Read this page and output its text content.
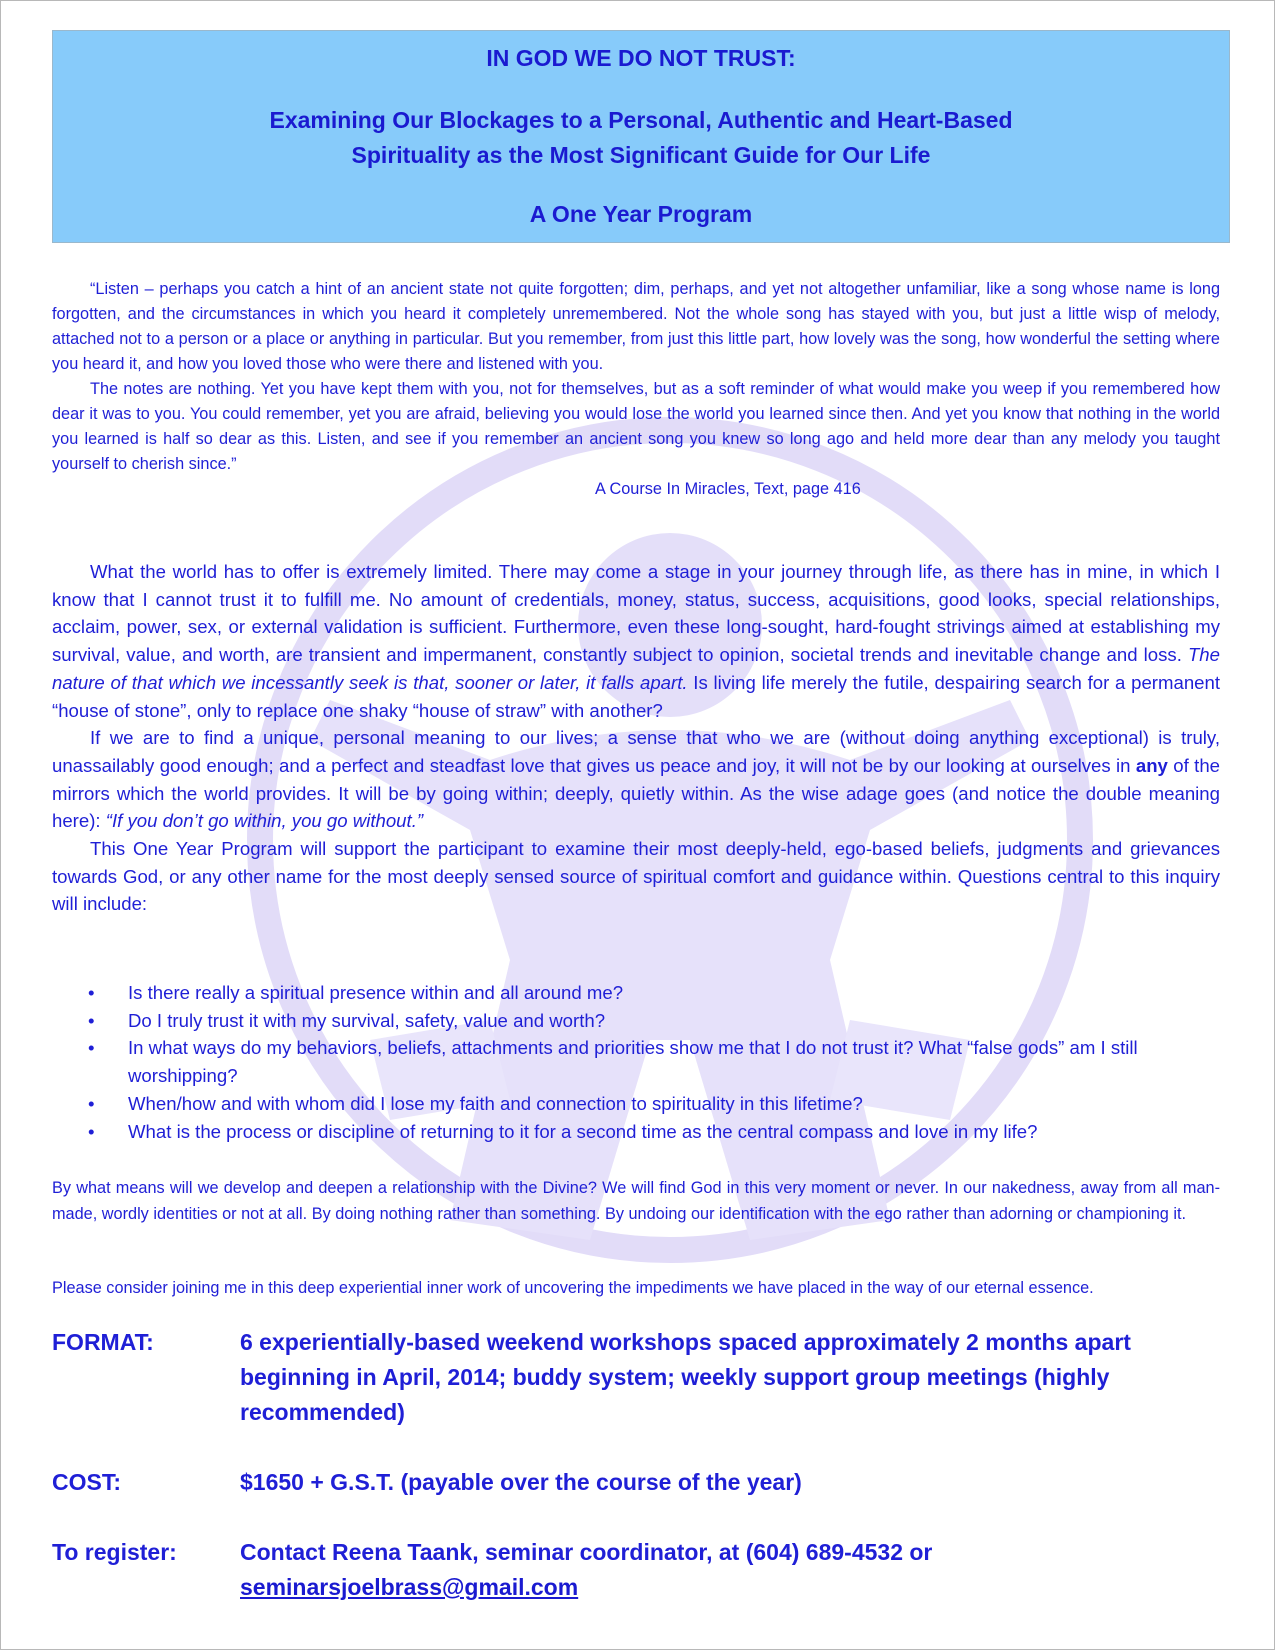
IN GOD WE DO NOT TRUST:
Examining Our Blockages to a Personal, Authentic and Heart-Based
Spirituality as the Most Significant Guide for Our Life
A One Year Program

“Listen – perhaps you catch a hint of an ancient state not quite forgotten; dim, perhaps, and yet not altogether unfamiliar, like a song whose name is long forgotten, and the circumstances in which you heard it completely unremembered. Not the whole song has stayed with you, but just a little wisp of melody, attached not to a person or a place or anything in particular. But you remember, from just this little part, how lovely was the song, how wonderful the setting where you heard it, and how you loved those who were there and listened with you.

The notes are nothing. Yet you have kept them with you, not for themselves, but as a soft reminder of what would make you weep if you remembered how dear it was to you. You could remember, yet you are afraid, believing you would lose the world you learned since then. And yet you know that nothing in the world you learned is half so dear as this. Listen, and see if you remember an ancient song you knew so long ago and held more dear than any melody you taught yourself to cherish since.”

A Course In Miracles, Text, page 416

What the world has to offer is extremely limited. There may come a stage in your journey through life, as there has in mine, in which I know that I cannot trust it to fulfill me. No amount of credentials, money, status, success, acquisitions, good looks, special relationships, acclaim, power, sex, or external validation is sufficient. Furthermore, even these long-sought, hard-fought strivings aimed at establishing my survival, value, and worth, are transient and impermanent, constantly subject to opinion, societal trends and inevitable change and loss. The nature of that which we incessantly seek is that, sooner or later, it falls apart. Is living life merely the futile, despairing search for a permanent “house of stone”, only to replace one shaky “house of straw” with another?

If we are to find a unique, personal meaning to our lives; a sense that who we are (without doing anything exceptional) is truly, unassailably good enough; and a perfect and steadfast love that gives us peace and joy, it will not be by our looking at ourselves in any of the mirrors which the world provides. It will be by going within; deeply, quietly within. As the wise adage goes (and notice the double meaning here): “If you don’t go within, you go without.”

This One Year Program will support the participant to examine their most deeply-held, ego-based beliefs, judgments and grievances towards God, or any other name for the most deeply sensed source of spiritual comfort and guidance within. Questions central to this inquiry will include:

• Is there really a spiritual presence within and all around me?
• Do I truly trust it with my survival, safety, value and worth?
• In what ways do my behaviors, beliefs, attachments and priorities show me that I do not trust it? What “false gods” am I still worshipping?
• When/how and with whom did I lose my faith and connection to spirituality in this lifetime?
• What is the process or discipline of returning to it for a second time as the central compass and love in my life?

By what means will we develop and deepen a relationship with the Divine? We will find God in this very moment or never. In our nakedness, away from all man-made, wordly identities or not at all. By doing nothing rather than something. By undoing our identification with the ego rather than adorning or championing it.

Please consider joining me in this deep experiential inner work of uncovering the impediments we have placed in the way of our eternal essence.
FORMAT:	6 experientially-based weekend workshops spaced approximately 2 months apart beginning in April, 2014; buddy system; weekly support group meetings (highly recommended)
COST:	$1650 + G.S.T. (payable over the course of the year)
To register:	Contact Reena Taank, seminar coordinator, at (604) 689-4532 or
seminarsjoelbrass@gmail.com
